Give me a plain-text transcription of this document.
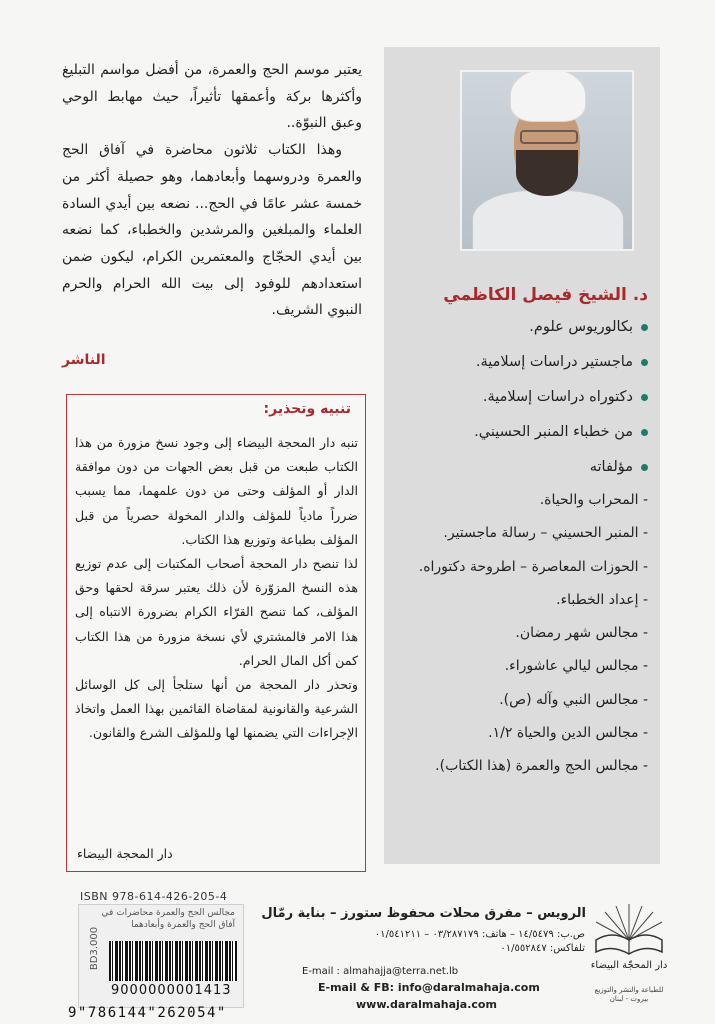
د. الشيخ فيصل الكاظمي
بكالوريوس علوم.
ماجستير دراسات إسلامية.
دكتوراه دراسات إسلامية.
من خطباء المنبر الحسيني.
مؤلفاته
- المحراب والحياة.
- المنبر الحسيني – رسالة ماجستير.
- الحوزات المعاصرة – اطروحة دكتوراه.
- إعداد الخطباء.
- مجالس شهر رمضان.
- مجالس ليالي عاشوراء.
- مجالس النبي وآله (ص).
- مجالس الدين والحياة ١/٢.
- مجالس الحج والعمرة (هذا الكتاب).

يعتبر موسم الحج والعمرة، من أفضل مواسم التبليغ وأكثرها بركة وأعمقها تأثيراً، حيث مهابط الوحي وعبق النبوّة..

وهذا الكتاب ثلاثون محاضرة في آفاق الحج والعمرة ودروسهما وأبعادهما، وهو حصيلة أكثر من خمسة عشر عامًا في الحج... نضعه بين أيدي السادة العلماء والمبلغين والمرشدين والخطباء، كما نضعه بين أيدي الحجّاج والمعتمرين الكرام، ليكون ضمن استعدادهم للوفود إلى بيت الله الحرام والحرم النبوي الشريف.

الناشر
تنبيه وتحذير:

تنبه دار المحجة البيضاء إلى وجود نسخ مزورة من هذا الكتاب طبعت من قبل بعض الجهات من دون موافقة الدار أو المؤلف وحتى من دون علمهما، مما يسبب ضرراً مادياً للمؤلف والدار المخولة حصرياً من قبل المؤلف بطباعة وتوزيع هذا الكتاب.

لذا تنصح دار المحجة أصحاب المكتبات إلى عدم توزيع هذه النسخ المزوّرة لأن ذلك يعتبر سرقة لحقها وحق المؤلف، كما تنصح القرّاء الكرام بضرورة الانتباه إلى هذا الامر فالمشتري لأي نسخة مزورة من هذا الكتاب كمن أكل المال الحرام.

وتحذر دار المحجة من أنها ستلجأ إلى كل الوسائل الشرعية والقانونية لمقاضاة القائمين بهذا العمل واتخاذ الإجراءات التي يضمنها لها وللمؤلف الشرع والقانون.

دار المحجة البيضاء
ISBN 978-614-426-205-4
مجالس الحج والعمرة محاضرات في
آفاق الحج والعمرة وأبعادهما
BD3.000
9000000001413
9"786144"262054"
الرويس – مفرق محلات محفوظ ستورز – بناية رمّال
ص.ب: ١٤/٥٤٧٩ – هاتف: ٠٣/٢٨٧١٧٩ – ٠١/٥٤١٢١١
تلفاكس: ٠١/٥٥٢٨٤٧
E-mail : almahajja@terra.net.lb
E-mail & FB: info@daralmahaja.com
www.daralmahaja.com
دار المحجّة البيضاء
للطباعة والنشر والتوزيع بيروت - لبنان
